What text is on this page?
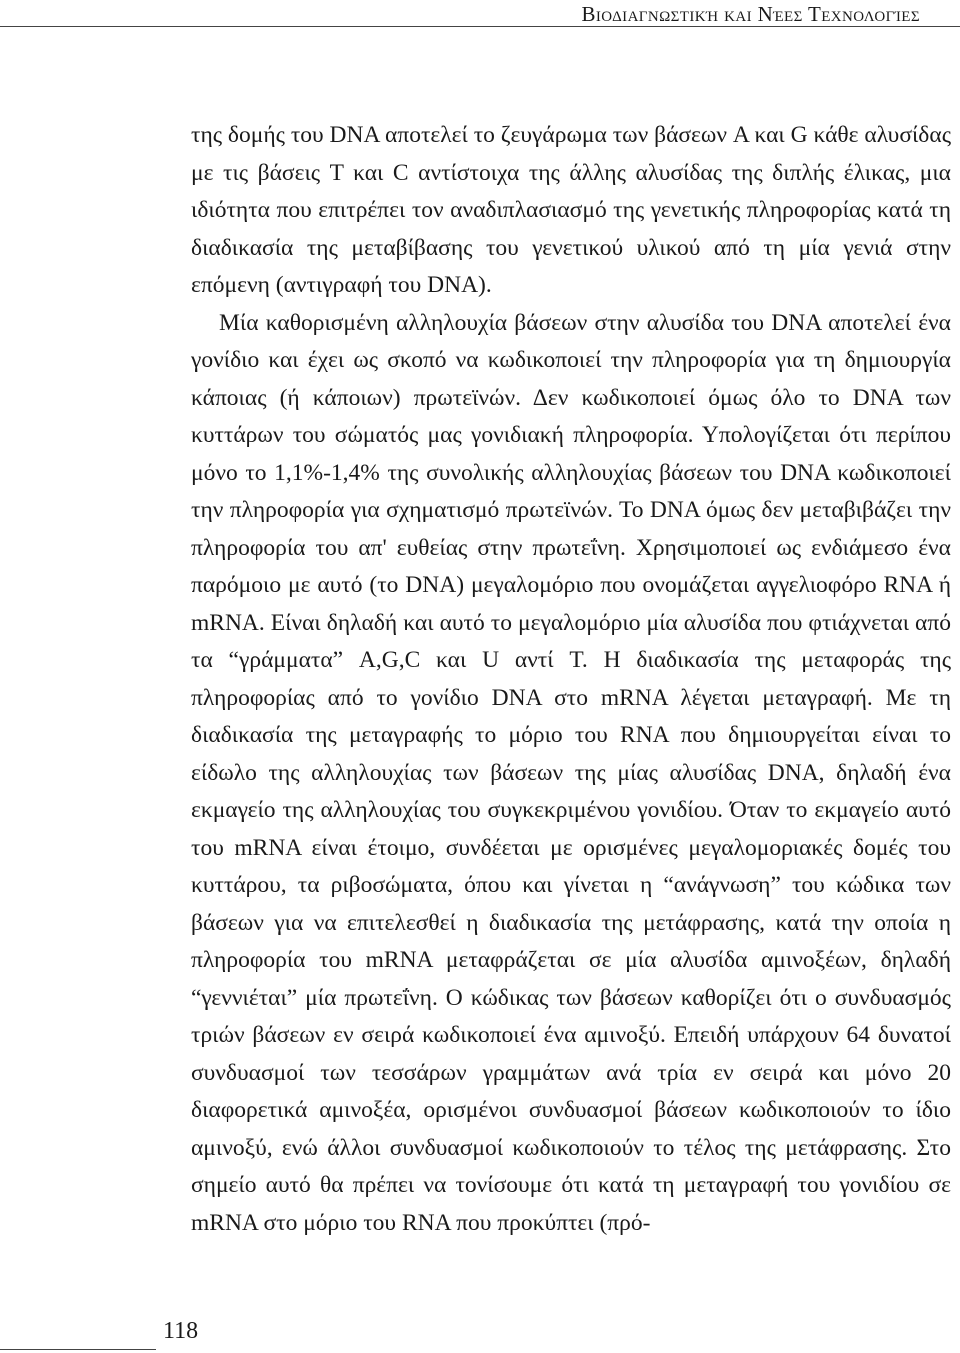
Βιοδιαγνωστική και Νέες Τεχνολογίες

της δομής του DNA αποτελεί το ζευγάρωμα των βάσεων A και G κάθε αλυσίδας με τις βάσεις T και C αντίστοιχα της άλλης αλυσίδας της διπλής έλικας, μια ιδιότητα που επιτρέπει τον αναδιπλασιασμό της γενετικής πληροφορίας κατά τη διαδικασία της μεταβίβασης του γενετικού υλικού από τη μία γενιά στην επόμενη (αντιγραφή του DNA).

Μία καθορισμένη αλληλουχία βάσεων στην αλυσίδα του DNA αποτελεί ένα γονίδιο και έχει ως σκοπό να κωδικοποιεί την πληροφορία για τη δημιουργία κάποιας (ή κάποιων) πρωτεϊνών. Δεν κωδικοποιεί όμως όλο το DNA των κυττάρων του σώματός μας γονιδιακή πληροφορία. Υπολογίζεται ότι περίπου μόνο το 1,1%-1,4% της συνολικής αλληλουχίας βάσεων του DNA κωδικοποιεί την πληροφορία για σχηματισμό πρωτεϊνών. Το DNA όμως δεν μεταβιβάζει την πληροφορία του απ' ευθείας στην πρωτεΐνη. Χρησιμοποιεί ως ενδιάμεσο ένα παρόμοιο με αυτό (το DNA) μεγαλομόριο που ονομάζεται αγγελιοφόρο RNA ή mRNA. Είναι δηλαδή και αυτό το μεγαλομόριο μία αλυσίδα που φτιάχνεται από τα “γράμματα” A,G,C και U αντί T. Η διαδικασία της μεταφοράς της πληροφορίας από το γονίδιο DNA στο mRNA λέγεται μεταγραφή. Με τη διαδικασία της μεταγραφής το μόριο του RNA που δημιουργείται είναι το είδωλο της αλληλουχίας των βάσεων της μίας αλυσίδας DNA, δηλαδή ένα εκμαγείο της αλληλουχίας του συγκεκριμένου γονιδίου. Όταν το εκμαγείο αυτό του mRNA είναι έτοιμο, συνδέεται με ορισμένες μεγαλομοριακές δομές του κυττάρου, τα ριβοσώματα, όπου και γίνεται η “ανάγνωση” του κώδικα των βάσεων για να επιτελεσθεί η διαδικασία της μετάφρασης, κατά την οποία η πληροφορία του mRNA μεταφράζεται σε μία αλυσίδα αμινοξέων, δηλαδή “γεννιέται” μία πρωτεΐνη. Ο κώδικας των βάσεων καθορίζει ότι ο συνδυασμός τριών βάσεων εν σειρά κωδικοποιεί ένα αμινοξύ. Επειδή υπάρχουν 64 δυνατοί συνδυασμοί των τεσσάρων γραμμάτων ανά τρία εν σειρά και μόνο 20 διαφορετικά αμινοξέα, ορισμένοι συνδυασμοί βάσεων κωδικοποιούν το ίδιο αμινοξύ, ενώ άλλοι συνδυασμοί κωδικοποιούν το τέλος της μετάφρασης. Στο σημείο αυτό θα πρέπει να τονίσουμε ότι κατά τη μεταγραφή του γονιδίου σε mRNA στο μόριο του RNA που προκύπτει (πρό-

118
